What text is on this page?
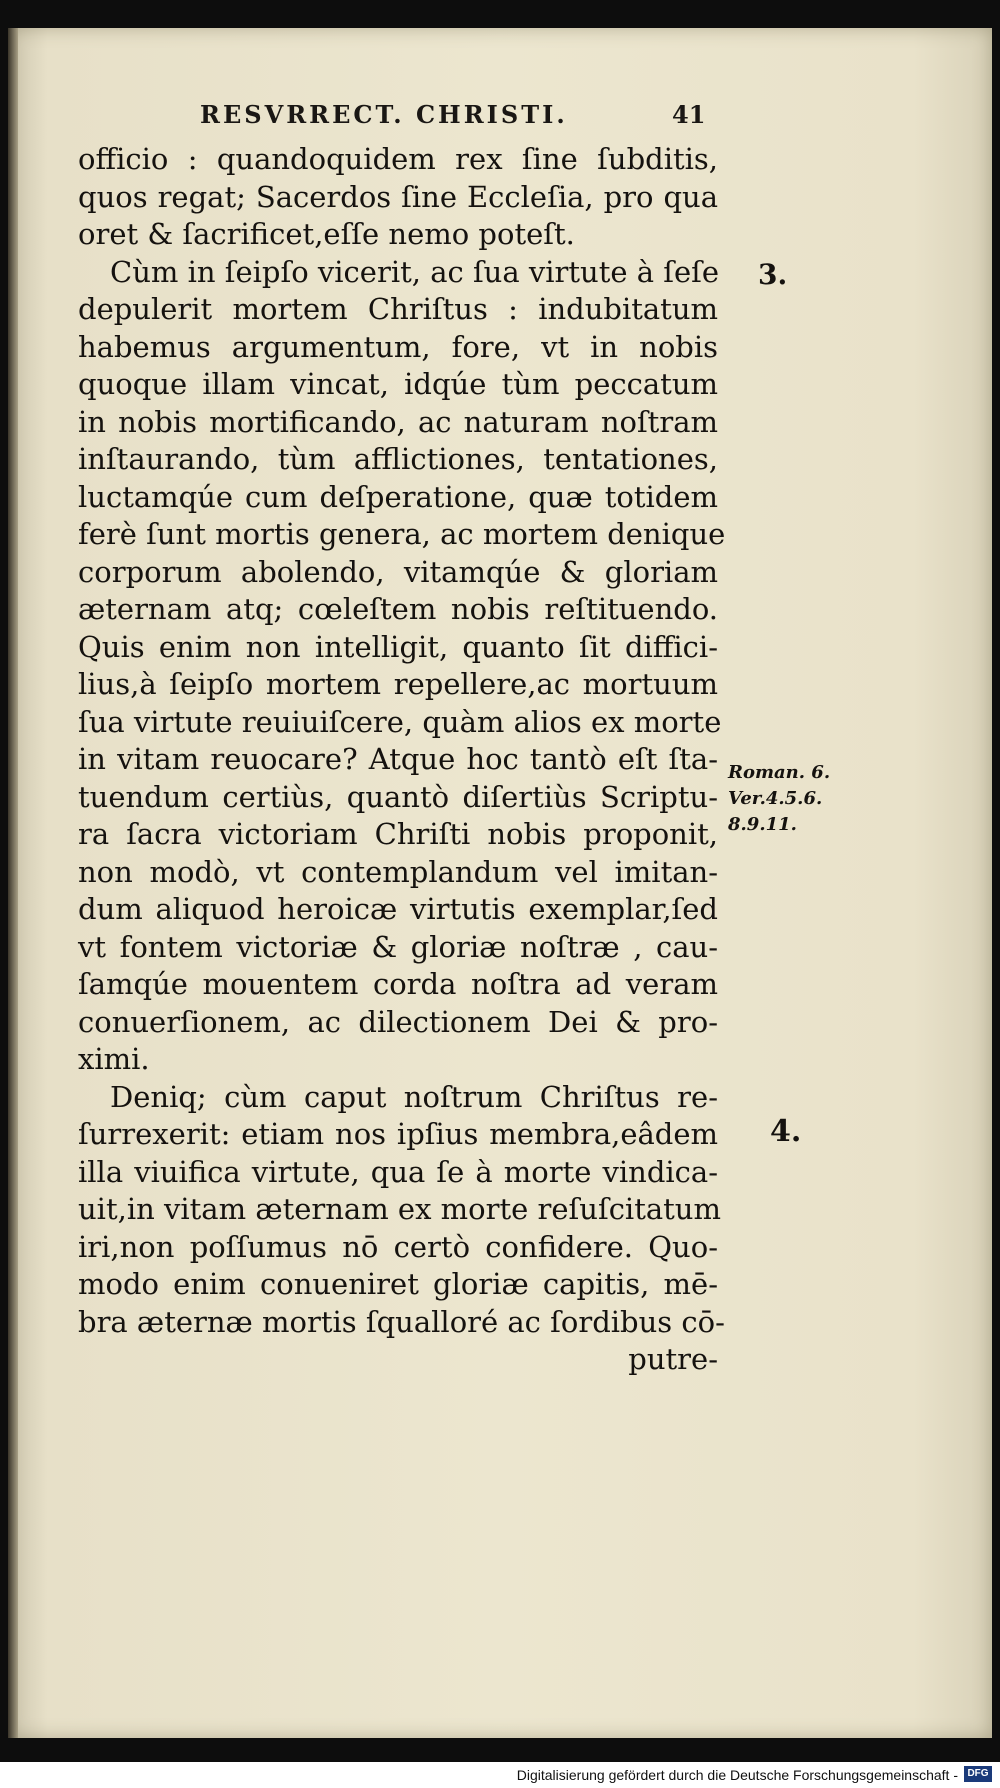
RESVRRECT. CHRISTI.	41
officio : quandoquidem rex ſine ſubditis,
quos regat; Sacerdos ſine Eccleſia, pro qua
oret & ſacrificet,eſſe nemo poteſt.
Cùm in ſeipſo vicerit, ac ſua virtute à ſeſe
depulerit mortem Chriſtus : indubitatum
habemus argumentum, fore, vt in nobis
quoque illam vincat, idqúe tùm peccatum
in nobis mortificando, ac naturam noſtram
inſtaurando, tùm afflictiones, tentationes,
luctamqúe cum deſperatione, quæ totidem
ferè ſunt mortis genera, ac mortem denique
corporum abolendo, vitamqúe & gloriam
æternam atq; cœleſtem nobis reſtituendo.
Quis enim non intelligit, quanto ſit diffici-
lius,à ſeipſo mortem repellere,ac mortuum
ſua virtute reuiuiſcere, quàm alios ex morte
in vitam reuocare? Atque hoc tantò eſt ſta-
tuendum certiùs, quantò diſertiùs Scriptu-
ra ſacra victoriam Chriſti nobis proponit,
non modò, vt contemplandum vel imitan-
dum aliquod heroicæ virtutis exemplar,ſed
vt fontem victoriæ & gloriæ noſtræ , cau-
ſamqúe mouentem corda noſtra ad veram
conuerſionem, ac dilectionem Dei & pro-
ximi.
Deniq; cùm caput noſtrum Chriſtus re-
ſurrexerit: etiam nos ipſius membra,eâdem
illa viuifica virtute, qua ſe à morte vindica-
uit,in vitam æternam ex morte reſuſcitatum
iri,non poſſumus nō certò confidere. Quo-
modo enim conueniret gloriæ capitis, mē-
bra æternæ mortis ſqualloré ac ſordibus cō-
putre-
3.
Roman. 6.
Ver.4.5.6.
8.9.11.
4.
Digitalisierung gefördert durch die Deutsche Forschungsgemeinschaft - DFG
